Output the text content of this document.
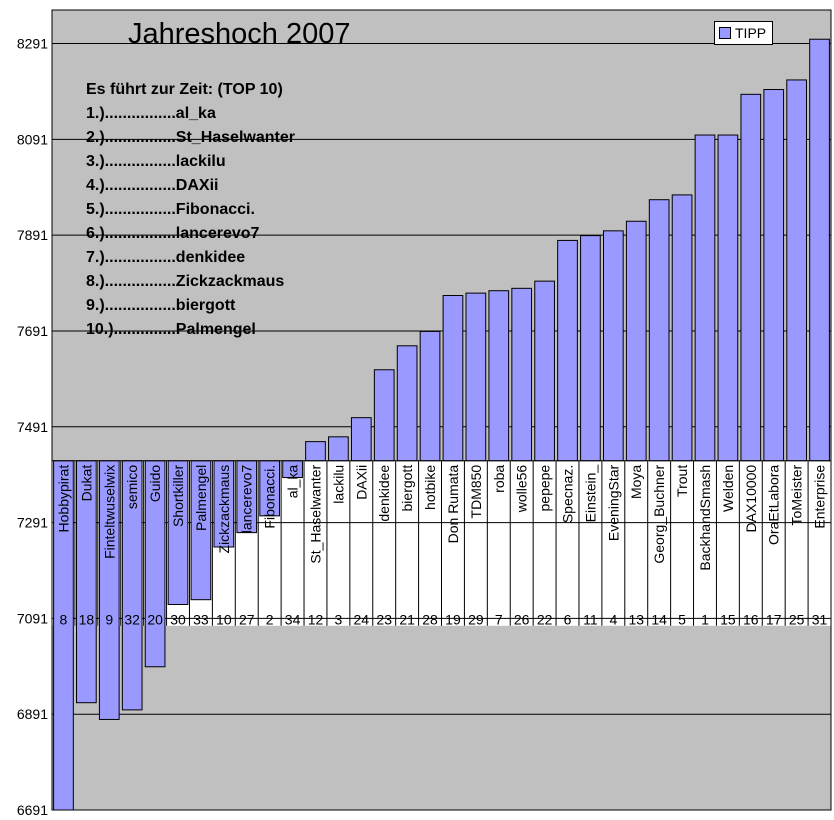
6691
6891
7091
7291
7491
7691
7891
8091
8291
Hobbypirat Dukat Finteltwuselwix semico Guido Shortkiller Palmengel Zickzackmaus lancerevo7 Fibonacci. al_ka St_Haselwanter lackilu DAXii denkidee biergott hotbike Don Rumata TDM850 roba wolle56 pepepe Specnaz. Einstein_ EveningStar Moya Georg_Buchner Trout BackhandSmash Welden DAX10000 OraEtLabora ToMeister Enterprise
8 18 9 32 20 30 33 10 27 2 34 12 3 24 23 21 28 19 29 7 26 22 6 11 4 13 14 5 1 15 16 17 25 31
Jahreshoch 2007	TIPP
Es führt zur Zeit: (TOP 10)
1.)................al_ka
2.)................St_Haselwanter
3.)................lackilu
4.)................DAXii
5.)................Fibonacci.
6.)................lancerevo7
7.)................denkidee
8.)................Zickzackmaus
9.)................biergott
10.)..............Palmengel
